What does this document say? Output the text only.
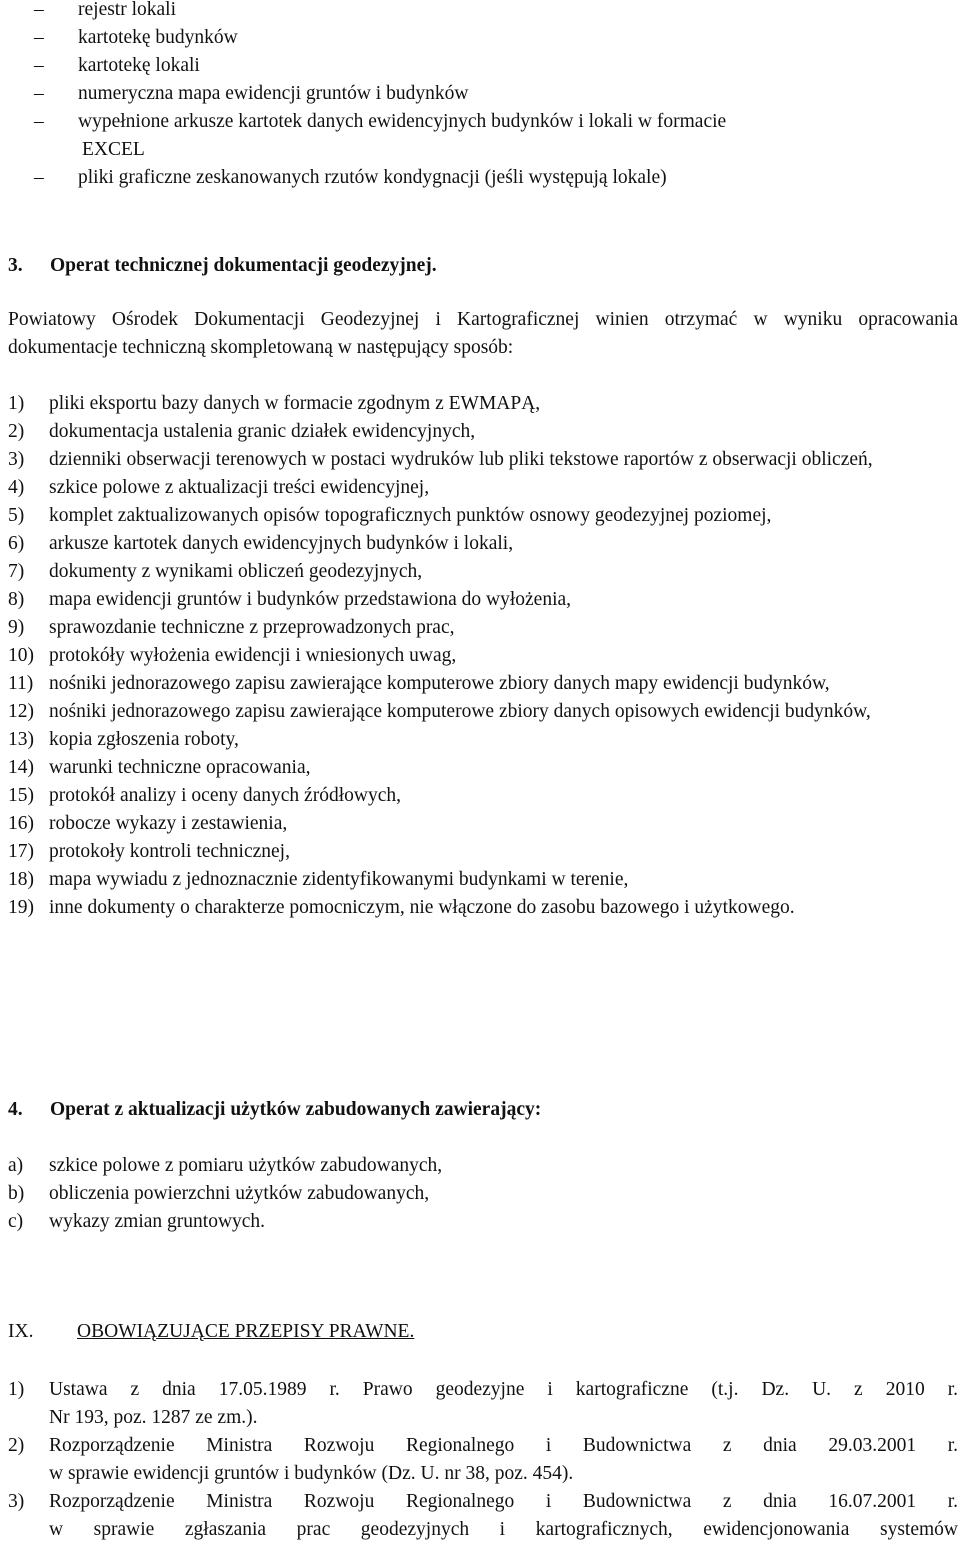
–	rejestr lokali
–	kartotekę budynków
–	kartotekę lokali
–	numeryczna mapa ewidencji gruntów i budynków
–	wypełnione arkusze kartotek danych ewidencyjnych budynków i lokali w formacie
EXCEL
–	pliki graficzne zeskanowanych rzutów kondygnacji (jeśli występują lokale)
3. Operat technicznej dokumentacji geodezyjnej.
Powiatowy Ośrodek Dokumentacji Geodezyjnej i Kartograficznej winien otrzymać w wyniku opracowania dokumentacje techniczną skompletowaną w następujący sposób:
1)	pliki eksportu bazy danych w formacie zgodnym z EWMAPĄ,
2)	dokumentacja ustalenia granic działek ewidencyjnych,
3)	dzienniki obserwacji terenowych w postaci wydruków lub pliki tekstowe raportów z obserwacji obliczeń,
4)	szkice polowe z aktualizacji treści ewidencyjnej,
5)	komplet zaktualizowanych opisów topograficznych punktów osnowy geodezyjnej poziomej,
6)	arkusze kartotek danych ewidencyjnych budynków i lokali,
7)	dokumenty z wynikami obliczeń geodezyjnych,
8)	mapa ewidencji gruntów i budynków przedstawiona do wyłożenia,
9)	sprawozdanie techniczne z przeprowadzonych prac,
10) protokóły wyłożenia ewidencji i wniesionych uwag,
11) nośniki jednorazowego zapisu zawierające komputerowe zbiory danych mapy ewidencji budynków,
12) nośniki jednorazowego zapisu zawierające komputerowe zbiory danych opisowych ewidencji budynków,
13) kopia zgłoszenia roboty,
14) warunki techniczne opracowania,
15) protokół analizy i oceny danych źródłowych,
16) robocze wykazy i zestawienia,
17) protokoły kontroli technicznej,
18) mapa wywiadu z jednoznacznie zidentyfikowanymi budynkami w terenie,
19) inne dokumenty o charakterze pomocniczym, nie włączone do zasobu bazowego i użytkowego.
4. Operat z aktualizacji użytków zabudowanych zawierający:
a)	szkice polowe z pomiaru użytków zabudowanych,
b)	obliczenia powierzchni użytków zabudowanych,
c)	wykazy zmian gruntowych.
IX. OBOWIĄZUJĄCE PRZEPISY PRAWNE.
1)	Ustawa z dnia 17.05.1989 r. Prawo geodezyjne i kartograficzne (t.j. Dz. U. z 2010 r.
Nr 193, poz. 1287 ze zm.).
2)	Rozporządzenie Ministra Rozwoju Regionalnego i Budownictwa z dnia 29.03.2001 r.
w sprawie ewidencji gruntów i budynków (Dz. U. nr 38, poz. 454).
3)	Rozporządzenie Ministra Rozwoju Regionalnego i Budownictwa z dnia 16.07.2001 r.
w sprawie zgłaszania prac geodezyjnych i kartograficznych, ewidencjonowania systemów
